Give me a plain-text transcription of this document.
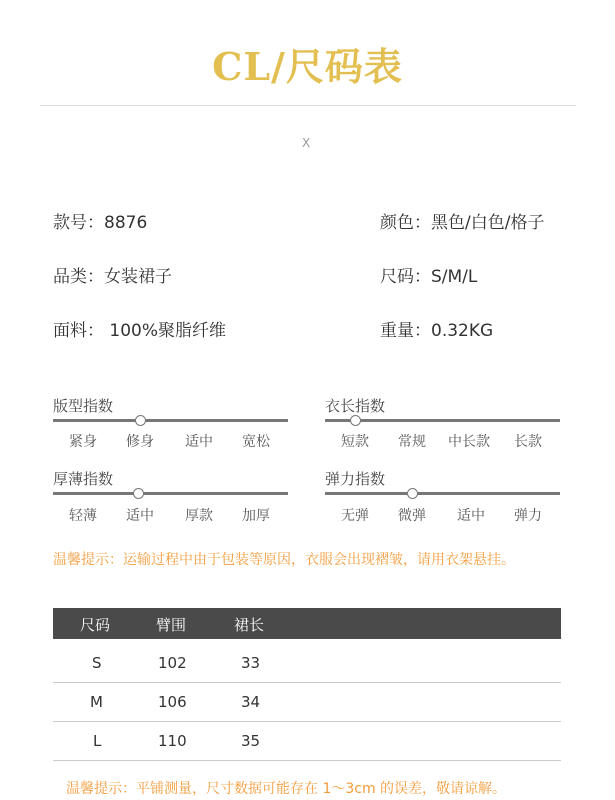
CL/尺码表
X
款号：8876	颜色：黑色/白色/格子
品类：女装裙子	尺码：S/M/L
面料： 100%聚脂纤维	重量：0.32KG
版型指数
紧身	修身	适中	宽松
衣长指数
短款	常规	中长款	长款
厚薄指数
轻薄	适中	厚款	加厚
弹力指数
无弹	微弹	适中	弹力
温馨提示：运输过程中由于包装等原因，衣服会出现褶皱，请用衣架悬挂。
尺码	臂围	裙长
S	102	33
M	106	34
L	110	35
温馨提示：平铺测量，尺寸数据可能存在 1～3cm 的误差，敬请谅解。
